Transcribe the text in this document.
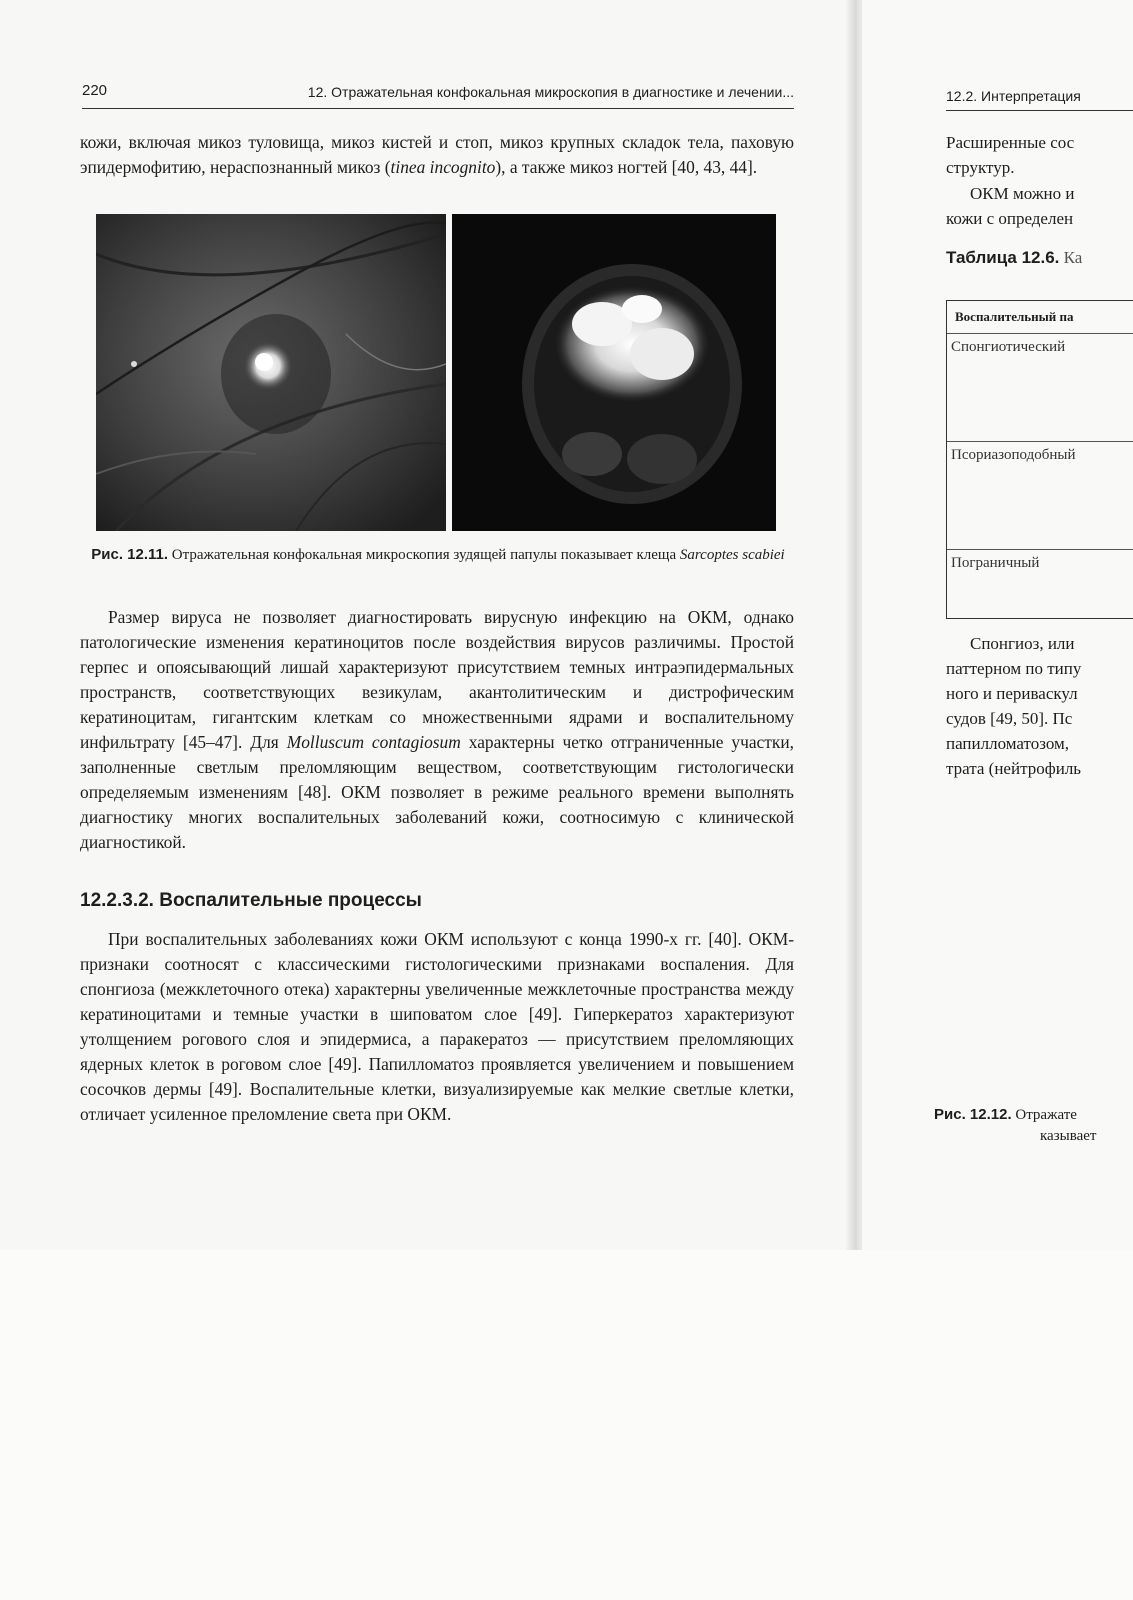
220	12. Отражательная конфокальная микроскопия в диагностике и лечении...

кожи, включая микоз туловища, микоз кистей и стоп, микоз крупных складок тела, паховую эпидермофитию, нераспознанный микоз (tinea incognito), а также микоз ногтей [40, 43, 44].

Рис. 12.11. Отражательная конфокальная микроскопия зудящей папулы показывает клеща Sarcoptes scabiei

Размер вируса не позволяет диагностировать вирусную инфекцию на ОКМ, однако патологические изменения кератиноцитов после воздействия вирусов различимы. Простой герпес и опоясывающий лишай характеризуют присутствием темных интраэпидермальных пространств, соответствующих везикулам, акантолитическим и дистрофическим кератиноцитам, гигантским клеткам со множественными ядрами и воспалительному инфильтрату [45–47]. Для Molluscum contagiosum характерны четко отграниченные участки, заполненные светлым преломляющим веществом, соответствующим гистологически определяемым изменениям [48]. ОКМ позволяет в режиме реального времени выполнять диагностику многих воспалительных заболеваний кожи, соотносимую с клинической диагностикой.

12.2.3.2. Воспалительные процессы

При воспалительных заболеваниях кожи ОКМ используют с конца 1990-х гг. [40]. ОКМ-признаки соотносят с классическими гистологическими признаками воспаления. Для спонгиоза (межклеточного отека) характерны увеличенные межклеточные пространства между кератиноцитами и темные участки в шиповатом слое [49]. Гиперкератоз характеризуют утолщением рогового слоя и эпидермиса, а паракератоз — присутствием преломляющих ядерных клеток в роговом слое [49]. Папилломатоз проявляется увеличением и повышением сосочков дермы [49]. Воспалительные клетки, визуализируемые как мелкие светлые клетки, отличает усиленное преломление света при ОКМ.

12.2. Интерпретация
Расширенные сос
структур.
ОКМ можно и
кожи с определен
Таблица 12.6. Ка
Воспалительный па
Спонгиотический
Псориазоподобный
Пограничный
Спонгиоз, или
паттерном по типу
ного и периваскул
судов [49, 50]. Пс
папилломатозом,
трата (нейтрофиль
Рис. 12.12. Отражате
казывает
